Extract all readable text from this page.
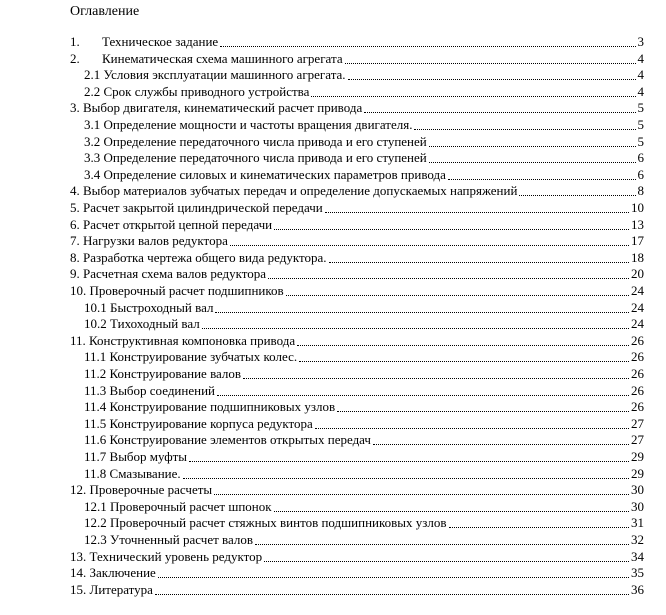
Оглавление
1. Техническое задание	3
2. Кинематическая схема машинного агрегата	4
2.1 Условия эксплуатации машинного агрегата.	4
2.2 Срок службы приводного устройства	4
3. Выбор двигателя, кинематический расчет привода	5
3.1 Определение мощности и частоты вращения двигателя.	5
3.2 Определение передаточного числа привода и его ступеней	5
3.3 Определение передаточного числа привода и его ступеней	6
3.4 Определение силовых и кинематических параметров привода	6
4. Выбор материалов зубчатых передач и определение допускаемых напряжений	8
5. Расчет закрытой цилиндрической передачи	10
6. Расчет открытой цепной передачи	13
7. Нагрузки валов редуктора	17
8. Разработка чертежа общего вида редуктора.	18
9. Расчетная схема валов редуктора	20
10. Проверочный расчет подшипников	24
10.1 Быстроходный вал	24
10.2 Тихоходный вал	24
11. Конструктивная компоновка привода	26
11.1 Конструирование зубчатых колес.	26
11.2 Конструирование валов	26
11.3 Выбор соединений	26
11.4 Конструирование подшипниковых узлов	26
11.5 Конструирование корпуса редуктора	27
11.6 Конструирование элементов открытых передач	27
11.7 Выбор муфты	29
11.8 Смазывание.	29
12. Проверочные расчеты	30
12.1 Проверочный расчет шпонок	30
12.2 Проверочный расчет стяжных винтов подшипниковых узлов	31
12.3 Уточненный расчет валов	32
13. Технический уровень редуктор	34
14. Заключение	35
15. Литература	36
